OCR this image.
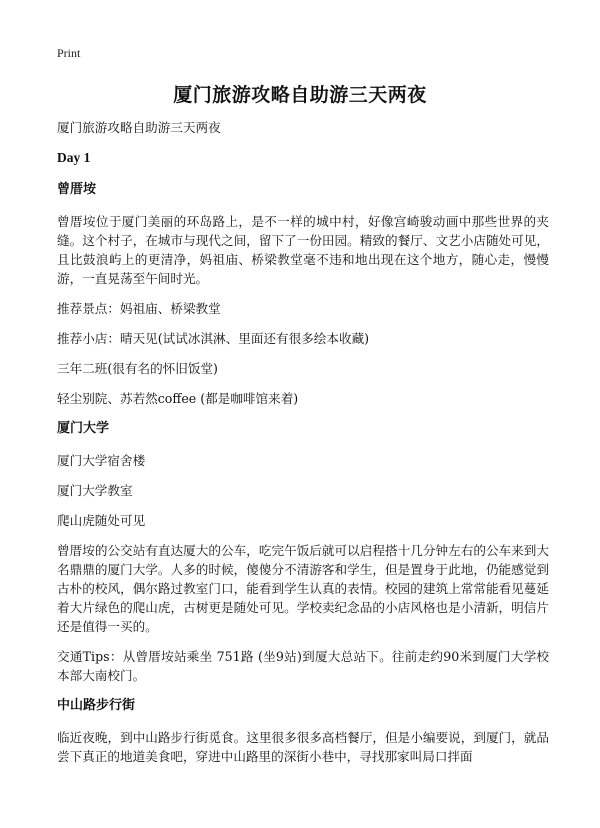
Print
厦门旅游攻略自助游三天两夜

厦门旅游攻略自助游三天两夜

Day 1

曾厝垵

曾厝垵位于厦门美丽的环岛路上，是不一样的城中村，好像宫崎骏动画中那些世界的夹缝。这个村子，在城市与现代之间，留下了一份田园。精致的餐厅、文艺小店随处可见，且比鼓浪屿上的更清净，妈祖庙、桥梁教堂毫不违和地出现在这个地方，随心走，慢慢游，一直晃荡至午间时光。

推荐景点：妈祖庙、桥梁教堂

推荐小店：晴天见(试试冰淇淋、里面还有很多绘本收藏)

三年二班(很有名的怀旧饭堂)

轻尘别院、苏若然coffee (都是咖啡馆来着)

厦门大学

厦门大学宿舍楼

厦门大学教室

爬山虎随处可见

曾厝垵的公交站有直达厦大的公车，吃完午饭后就可以启程搭十几分钟左右的公车来到大名鼎鼎的厦门大学。人多的时候，傻傻分不清游客和学生，但是置身于此地，仍能感觉到古朴的校风，偶尔路过教室门口，能看到学生认真的表情。校园的建筑上常常能看见蔓延着大片绿色的爬山虎，古树更是随处可见。学校卖纪念品的小店风格也是小清新，明信片还是值得一买的。

交通Tips：从曾厝垵站乘坐 751路 (坐9站)到厦大总站下。往前走约90米到厦门大学校本部大南校门。

中山路步行街

临近夜晚，到中山路步行街觅食。这里很多很多高档餐厅，但是小编要说，到厦门，就品尝下真正的地道美食吧，穿进中山路里的深街小巷中，寻找那家叫局口拌面
